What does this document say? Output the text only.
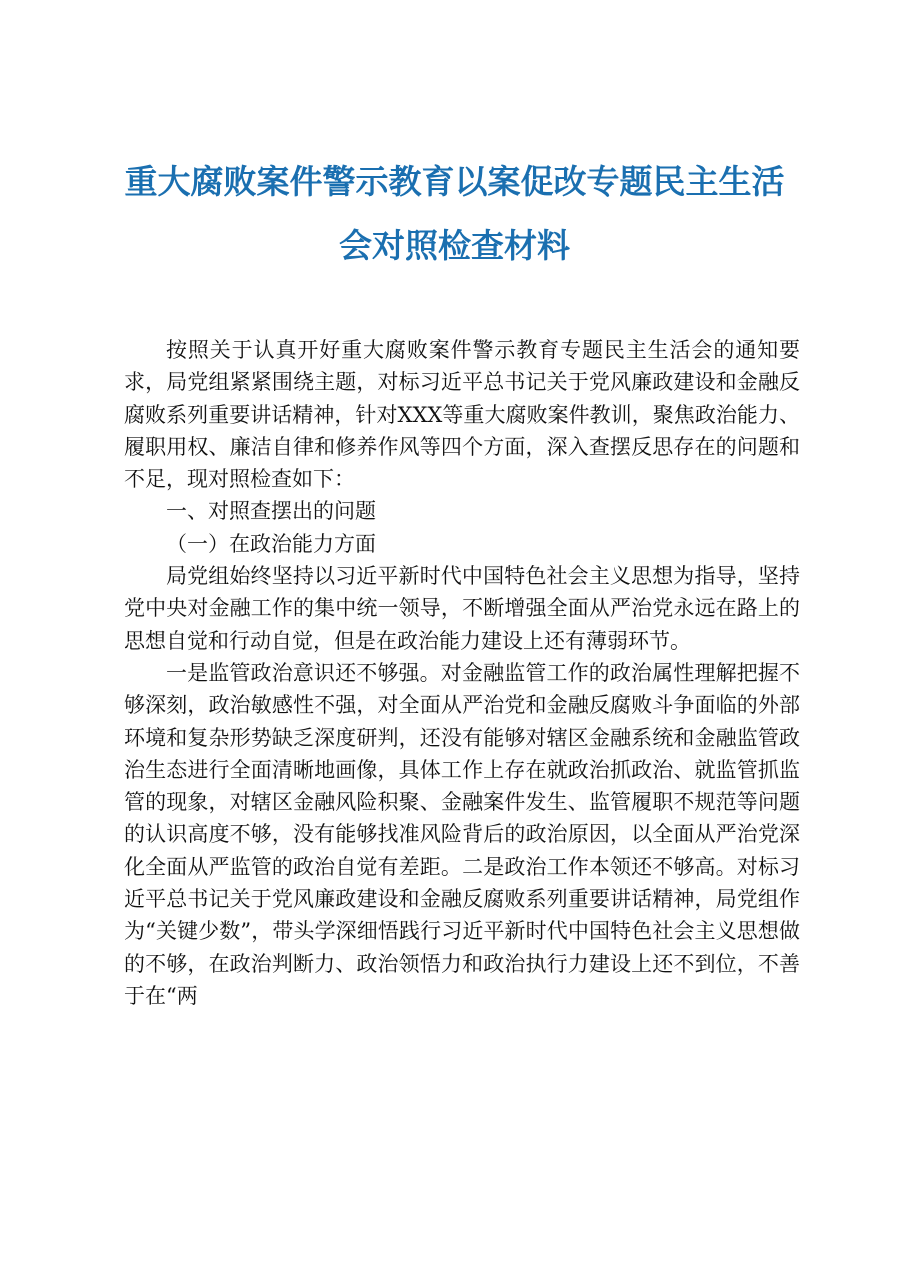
重大腐败案件警示教育以案促改专题民主生活
会对照检查材料

按照关于认真开好重大腐败案件警示教育专题民主生活会的通知要求，局党组紧紧围绕主题，对标习近平总书记关于党风廉政建设和金融反腐败系列重要讲话精神，针对XXX等重大腐败案件教训，聚焦政治能力、履职用权、廉洁自律和修养作风等四个方面，深入查摆反思存在的问题和不足，现对照检查如下：

一、对照查摆出的问题

（一）在政治能力方面

局党组始终坚持以习近平新时代中国特色社会主义思想为指导，坚持党中央对金融工作的集中统一领导，不断增强全面从严治党永远在路上的思想自觉和行动自觉，但是在政治能力建设上还有薄弱环节。

一是监管政治意识还不够强。对金融监管工作的政治属性理解把握不够深刻，政治敏感性不强，对全面从严治党和金融反腐败斗争面临的外部环境和复杂形势缺乏深度研判，还没有能够对辖区金融系统和金融监管政治生态进行全面清晰地画像，具体工作上存在就政治抓政治、就监管抓监管的现象，对辖区金融风险积聚、金融案件发生、监管履职不规范等问题的认识高度不够，没有能够找准风险背后的政治原因，以全面从严治党深化全面从严监管的政治自觉有差距。二是政治工作本领还不够高。对标习近平总书记关于党风廉政建设和金融反腐败系列重要讲话精神，局党组作为“关键少数”，带头学深细悟践行习近平新时代中国特色社会主义思想做的不够，在政治判断力、政治领悟力和政治执行力建设上还不到位，不善于在“两
